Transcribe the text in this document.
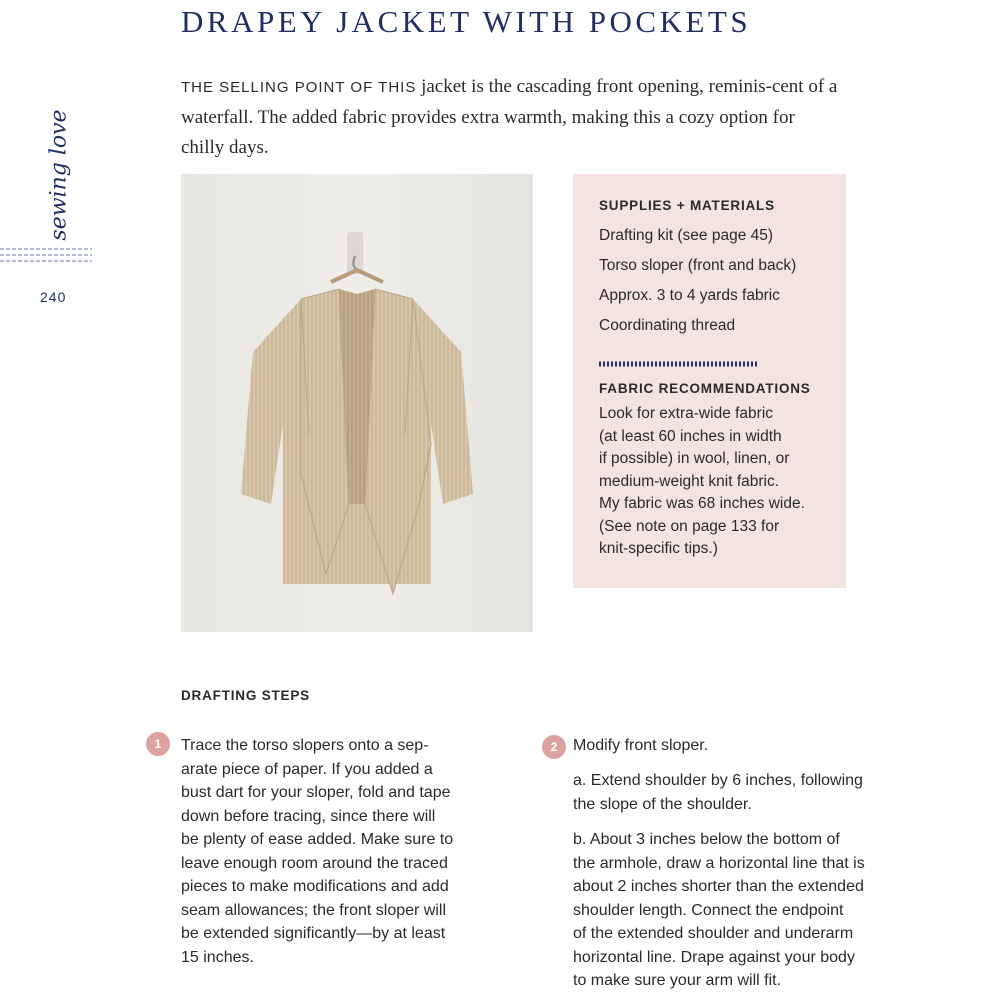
DRAPEY JACKET WITH POCKETS

THE SELLING POINT OF THIS jacket is the cascading front opening, reminis-cent of a waterfall. The added fabric provides extra warmth, making this a cozy option for chilly days.

sewing love
240
SUPPLIES + MATERIALS
Drafting kit (see page 45)
Torso sloper (front and back)
Approx. 3 to 4 yards fabric
Coordinating thread
FABRIC RECOMMENDATIONS
Look for extra-wide fabric
(at least 60 inches in width
if possible) in wool, linen, or
medium-weight knit fabric.
My fabric was 68 inches wide.
(See note on page 133 for
knit-specific tips.)
DRAFTING STEPS
1	Trace the torso slopers onto a sep-
arate piece of paper. If you added a
bust dart for your sloper, fold and tape
down before tracing, since there will
be plenty of ease added. Make sure to
leave enough room around the traced
pieces to make modifications and add
seam allowances; the front sloper will
be extended significantly—by at least
15 inches.
2 Modify front sloper.
a. Extend shoulder by 6 inches, following
the slope of the shoulder.
b. About 3 inches below the bottom of
the armhole, draw a horizontal line that is
about 2 inches shorter than the extended
shoulder length. Connect the endpoint
of the extended shoulder and underarm
horizontal line. Drape against your body
to make sure your arm will fit.
